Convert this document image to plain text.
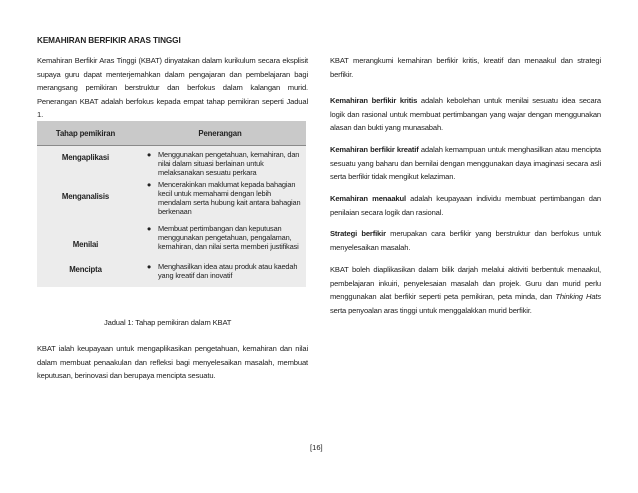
KEMAHIRAN BERFIKIR ARAS TINGGI
Kemahiran Berfikir Aras Tinggi (KBAT) dinyatakan dalam kurikulum secara eksplisit supaya guru dapat menterjemahkan dalam pengajaran dan pembelajaran bagi merangsang pemikiran berstruktur dan berfokus dalam kalangan murid. Penerangan KBAT adalah berfokus kepada empat tahap pemikiran seperti Jadual 1.
Tahap pemikiran	Penerangan

Mengaplikasi	● Menggunakan pengetahuan, kemahiran, dan nilai dalam situasi berlainan untuk melaksanakan sesuatu perkara

Menganalisis	● Mencerakinkan maklumat kepada bahagian kecil untuk memahami dengan lebih mendalam serta hubung kait antara bahagian berkenaan

Menilai	● Membuat pertimbangan dan keputusan menggunakan pengetahuan, pengalaman, kemahiran, dan nilai serta memberi justifikasi

Mencipta	● Menghasilkan idea atau produk atau kaedah yang kreatif dan inovatif
Jadual 1: Tahap pemikiran dalam KBAT
KBAT ialah keupayaan untuk mengaplikasikan pengetahuan, kemahiran dan nilai dalam membuat penaakulan dan refleksi bagi menyelesaikan masalah, membuat keputusan, berinovasi dan berupaya mencipta sesuatu.
KBAT merangkumi kemahiran berfikir kritis, kreatif dan menaakul dan strategi berfikir.
Kemahiran berfikir kritis adalah kebolehan untuk menilai sesuatu idea secara logik dan rasional untuk membuat pertimbangan yang wajar dengan menggunakan alasan dan bukti yang munasabah.
Kemahiran berfikir kreatif adalah kemampuan untuk menghasilkan atau mencipta sesuatu yang baharu dan bernilai dengan menggunakan daya imaginasi secara asli serta berfikir tidak mengikut kelaziman.
Kemahiran menaakul adalah keupayaan individu membuat pertimbangan dan penilaian secara logik dan rasional.
Strategi berfikir merupakan cara berfikir yang berstruktur dan berfokus untuk menyelesaikan masalah.
KBAT boleh diaplikasikan dalam bilik darjah melalui aktiviti berbentuk menaakul, pembelajaran inkuiri, penyelesaian masalah dan projek. Guru dan murid perlu menggunakan alat berfikir seperti peta pemikiran, peta minda, dan Thinking Hats serta penyoalan aras tinggi untuk menggalakkan murid berfikir.
[16]
